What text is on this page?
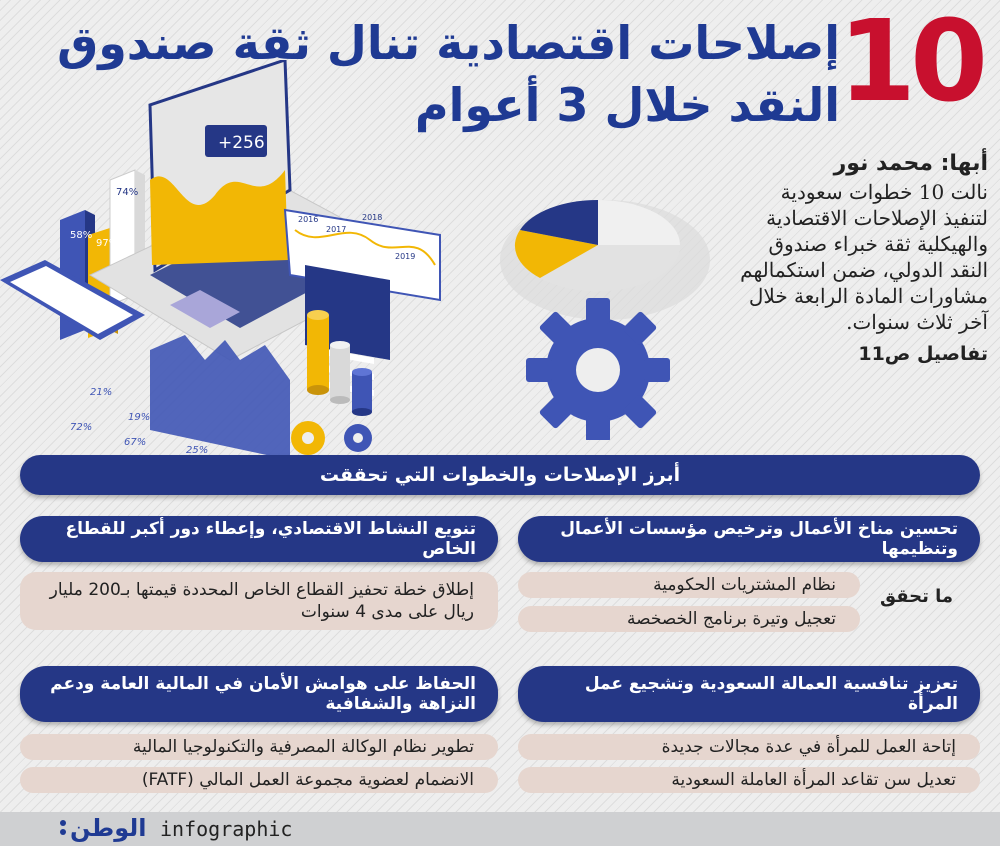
10
إصلاحات اقتصادية تنال ثقة صندوق
النقد خلال 3 أعوام
58%
97%
74%
+256
2016
2017
2018
2019
21%
19%
72%
67%
25%
أبها: محمد نور
نالت 10 خطوات سعودية لتنفيذ الإصلاحات الاقتصادية والهيكلية ثقة خبراء صندوق النقد الدولي، ضمن استكمالهم مشاورات المادة الرابعة خلال آخر ثلاث سنوات.
تفاصيل ص11
أبرز الإصلاحات والخطوات التي تحققت
تحسين مناخ الأعمال وترخيص مؤسسات الأعمال وتنظيمها
نظام المشتريات الحكومية
تعجيل وتيرة برنامج الخصخصة
ما تحقق
تنويع النشاط الاقتصادي، وإعطاء دور أكبر للقطاع الخاص
إطلاق خطة تحفيز القطاع الخاص المحددة قيمتها بـ200 مليار ريال على مدى 4 سنوات
تعزيز تنافسية العمالة السعودية وتشجيع عمل المرأة
إتاحة العمل للمرأة في عدة مجالات جديدة
تعديل سن تقاعد المرأة العاملة السعودية
الحفاظ على هوامش الأمان في المالية العامة ودعم النزاهة والشفافية
تطوير نظام الوكالة المصرفية والتكنولوجيا المالية
الانضمام لعضوية مجموعة العمل المالي (FATF)
الوطن infographic
